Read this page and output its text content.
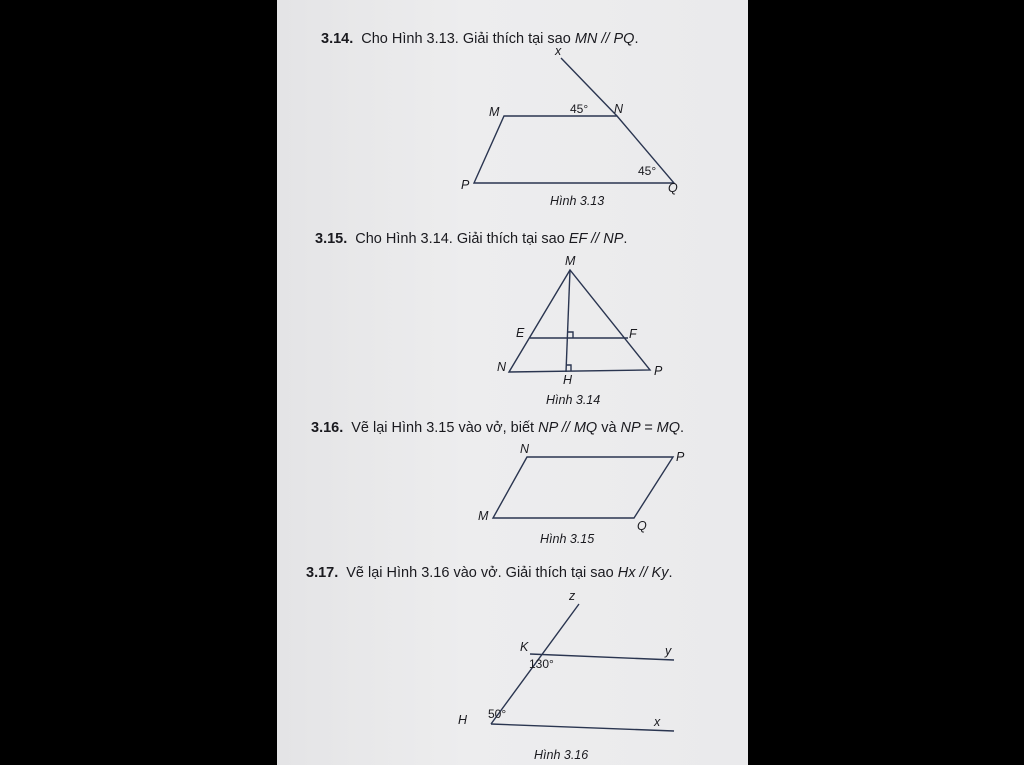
3.14. Cho Hình 3.13. Giải thích tại sao MN // PQ.
3.15. Cho Hình 3.14. Giải thích tại sao EF // NP.
3.16. Vẽ lại Hình 3.15 vào vở, biết NP // MQ và NP = MQ.
3.17. Vẽ lại Hình 3.16 vào vở. Giải thích tại sao Hx // Ky.
x
M	45° N
45°
P	Q
Hình 3.13
M
E	F
N
H
P
Hình 3.14
N
P
M
Q
Hình 3.15
z
K
130°
y
50°
H	x
Hình 3.16
